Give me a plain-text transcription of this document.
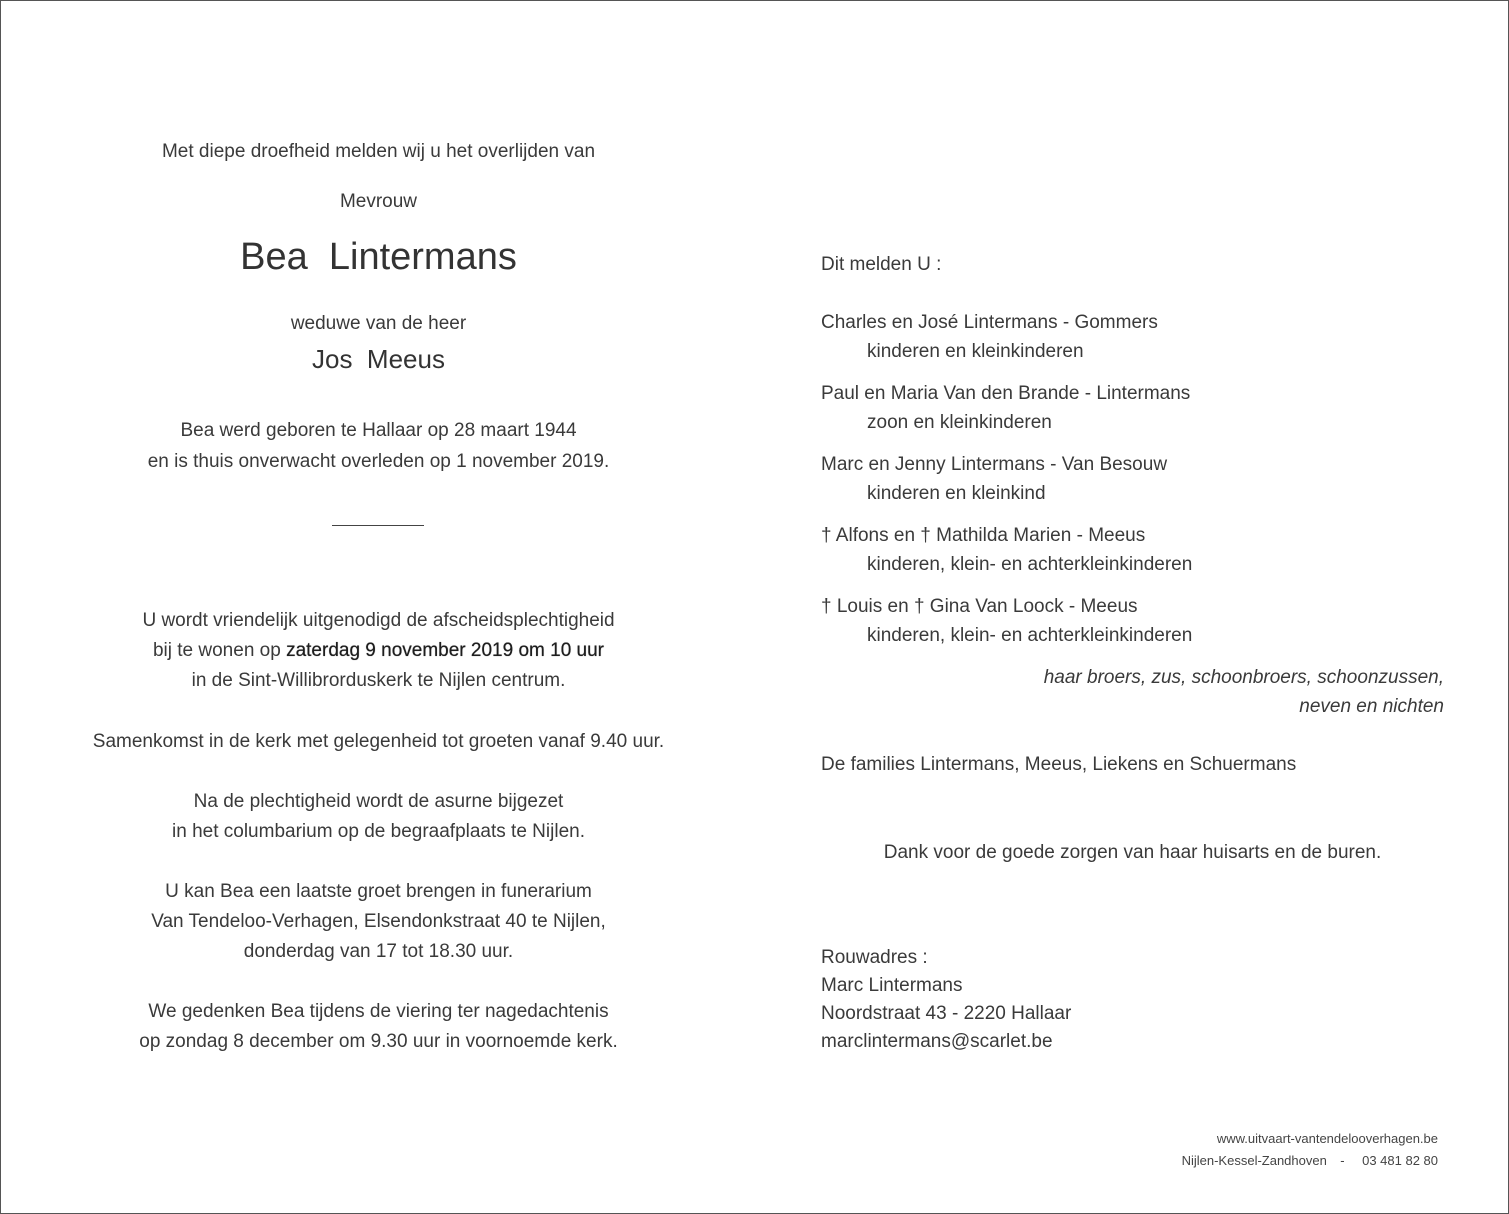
Met diepe droefheid melden wij u het overlijden van
Mevrouw
Bea  Lintermans
weduwe van de heer
Jos  Meeus
Bea werd geboren te Hallaar op 28 maart 1944
en is thuis onverwacht overleden op 1 november 2019.
U wordt vriendelijk uitgenodigd de afscheidsplechtigheid
bij te wonen op zaterdag 9 november 2019 om 10 uur
in de Sint-Willibrorduskerk te Nijlen centrum.
Samenkomst in de kerk met gelegenheid tot groeten vanaf 9.40 uur.
Na de plechtigheid wordt de asurne bijgezet
in het columbarium op de begraafplaats te Nijlen.
U kan Bea een laatste groet brengen in funerarium
Van Tendeloo-Verhagen, Elsendonkstraat 40 te Nijlen,
donderdag van 17 tot 18.30 uur.
We gedenken Bea tijdens de viering ter nagedachtenis
op zondag 8 december om 9.30 uur in voornoemde kerk.
Dit melden U :
Charles en José Lintermans - Gommers
kinderen en kleinkinderen
Paul en Maria Van den Brande - Lintermans
zoon en kleinkinderen
Marc en Jenny Lintermans - Van Besouw
kinderen en kleinkind
† Alfons en † Mathilda Marien - Meeus
kinderen, klein- en achterkleinkinderen
† Louis en † Gina Van Loock - Meeus
kinderen, klein- en achterkleinkinderen
haar broers, zus, schoonbroers, schoonzussen,
neven en nichten
De families Lintermans, Meeus, Liekens en Schuermans
Dank voor de goede zorgen van haar huisarts en de buren.
Rouwadres :
Marc Lintermans
Noordstraat 43 - 2220 Hallaar
marclintermans@scarlet.be
www.uitvaart-vantendelooverhagen.be
Nijlen-Kessel-Zandhoven - 03 481 82 80
